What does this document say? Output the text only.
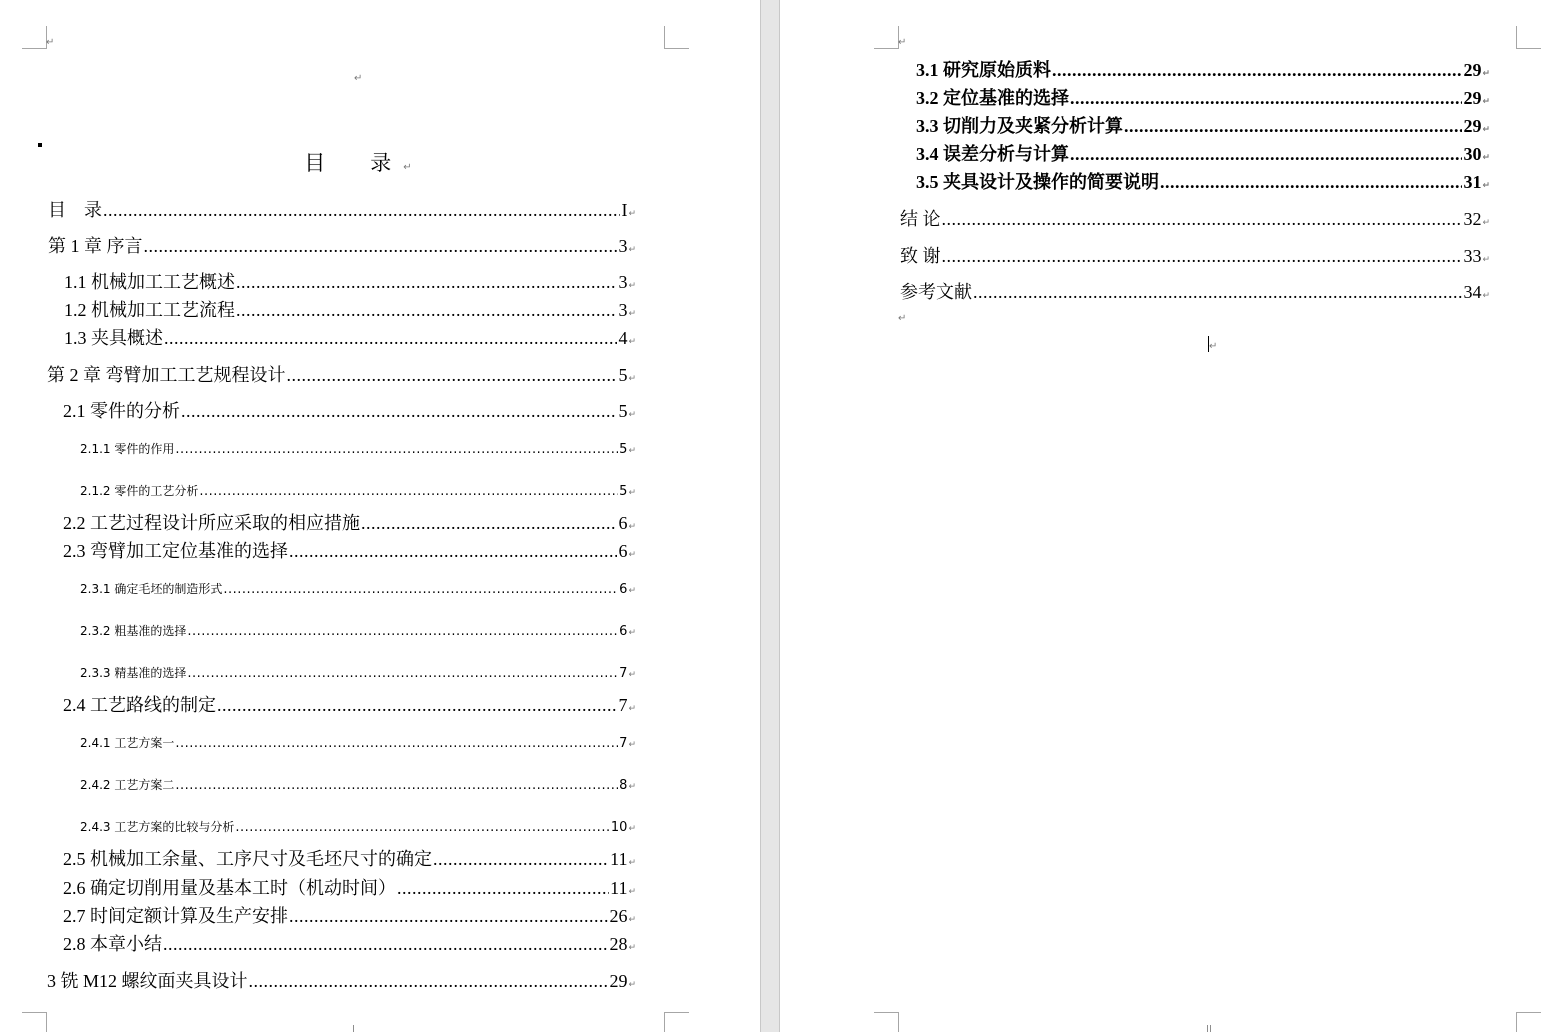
↵
↵
目　录↵
目　录 .....	I ↵
第 1 章 序言 .....	3 ↵
1.1 机械加工工艺概述 .....	3 ↵
1.2 机械加工工艺流程 .....	3 ↵
1.3 夹具概述 .....	4 ↵
第 2 章 弯臂加工工艺规程设计 .....	5 ↵
2.1 零件的分析 .....	5 ↵
2.1.1 零件的作用 .....	5 ↵
2.1.2 零件的工艺分析 .....	5 ↵
2.2 工艺过程设计所应采取的相应措施 .....	6 ↵
2.3 弯臂加工定位基准的选择 .....	6 ↵
2.3.1 确定毛坯的制造形式 .....	6 ↵
2.3.2 粗基准的选择 .....	6 ↵
2.3.3 精基准的选择 .....	7 ↵
2.4 工艺路线的制定 .....	7 ↵
2.4.1 工艺方案一 .....	7 ↵
2.4.2 工艺方案二 .....	8 ↵
2.4.3 工艺方案的比较与分析 .....	10 ↵
2.5 机械加工余量、工序尺寸及毛坯尺寸的确定 .....	11 ↵
2.6 确定切削用量及基本工时（机动时间） .....	11 ↵
2.7 时间定额计算及生产安排 .....	26 ↵
2.8 本章小结 .....	28 ↵
3 铣 M12 螺纹面夹具设计 .....	29 ↵
I
↵
3.1 研究原始质料 .....	29 ↵
3.2 定位基准的选择 .....	29 ↵
3.3 切削力及夹紧分析计算 .....	29 ↵
3.4 误差分析与计算 .....	30 ↵
3.5 夹具设计及操作的简要说明 .....	31 ↵
结 论 .....	32 ↵
致 谢 .....	33 ↵
参考文献 .....	34 ↵
↵
↵
II
